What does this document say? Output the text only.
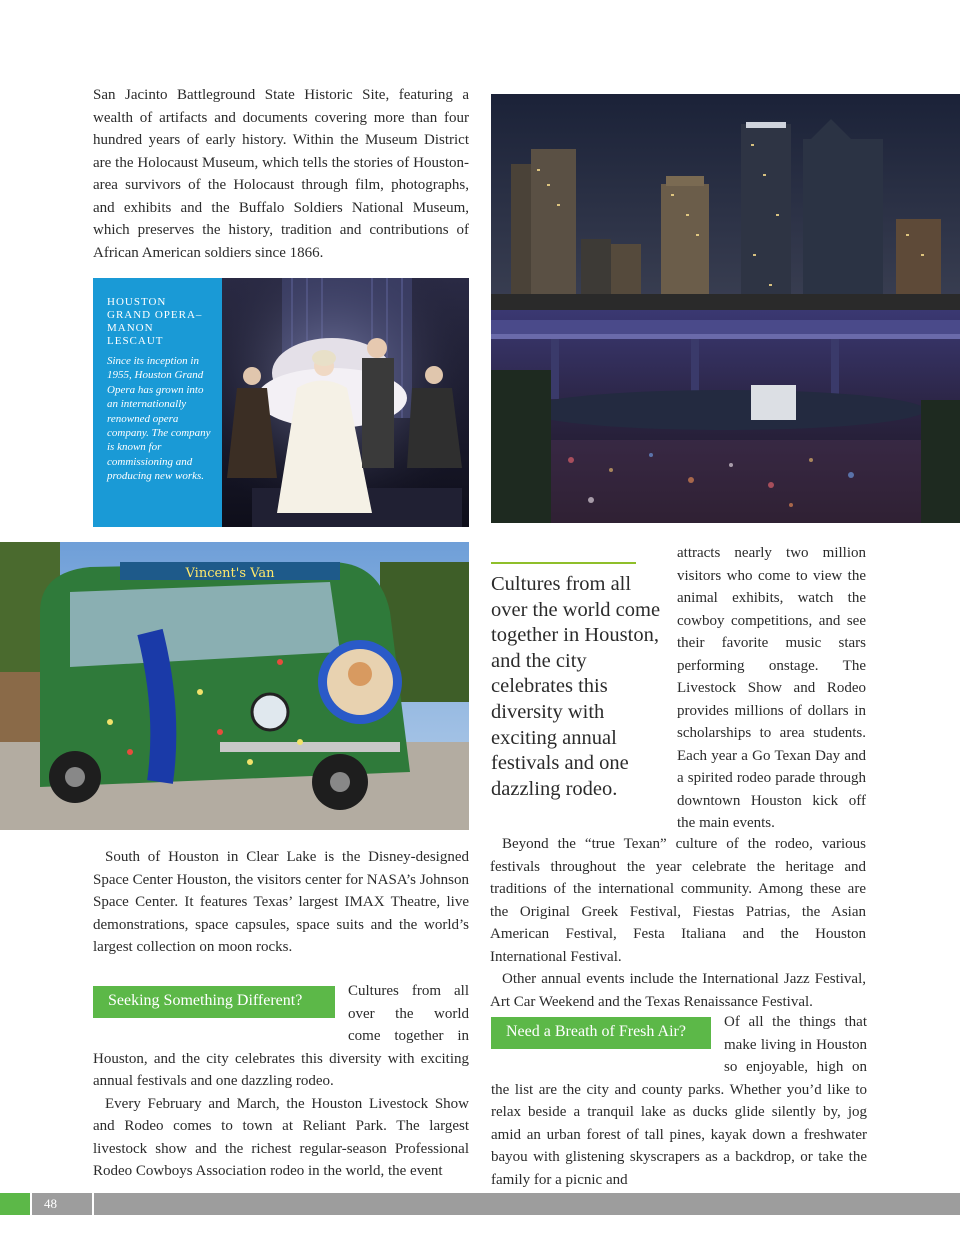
San Jacinto Battleground State Historic Site, featuring a wealth of artifacts and documents covering more than four hundred years of early history. Within the Museum District are the Holocaust Museum, which tells the stories of Houston-area survivors of the Holocaust through film, photographs, and exhibits and the Buffalo Soldiers National Museum, which preserves the history, tradition and contributions of African American soldiers since 1866.

HOUSTON GRAND OPERA–MANON LESCAUT
Since its inception in 1955, Houston Grand Opera has grown into an internationally renowned opera company. The company is known for commissioning and producing new works.
Vincent's Van	Cultures from all over the world come together in Houston, and the city celebrates this diversity with exciting annual festivals and one dazzling rodeo.

attracts nearly two million visitors who come to view the animal exhibits, watch the cowboy competitions, and see their favorite music stars performing onstage. The Livestock Show and Rodeo provides millions of dollars in scholarships to area students. Each year a Go Texan Day and a spirited rodeo parade through downtown Houston kick off the main events.

Beyond the “true Texan” culture of the rodeo, various festivals throughout the year celebrate the heritage and traditions of the international community. Among these are the Original Greek Festival, Fiestas Patrias, the Asian American Festival, Festa Italiana and the Houston International Festival.

Other annual events include the International Jazz Festival, Art Car Weekend and the Texas Renaissance Festival.

South of Houston in Clear Lake is the Disney-designed Space Center Houston, the visitors center for NASA’s Johnson Space Center. It features Texas’ largest IMAX Theatre, live demonstrations, space capsules, space suits and the world’s largest collection on moon rocks.

Seeking Something Different?

Cultures from all over the world come together in Houston, and the city celebrates this diversity with exciting annual festivals and one dazzling rodeo.

Every February and March, the Houston Livestock Show and Rodeo comes to town at Reliant Park. The largest livestock show and the richest regular-season Professional Rodeo Cowboys Association rodeo in the world, the event

Need a Breath of Fresh Air?

Of all the things that make living in Houston so enjoyable, high on the list are the city and county parks. Whether you’d like to relax beside a tranquil lake as ducks glide silently by, jog amid an urban forest of tall pines, kayak down a freshwater bayou with glistening skyscrapers as a backdrop, or take the family for a picnic and

48
